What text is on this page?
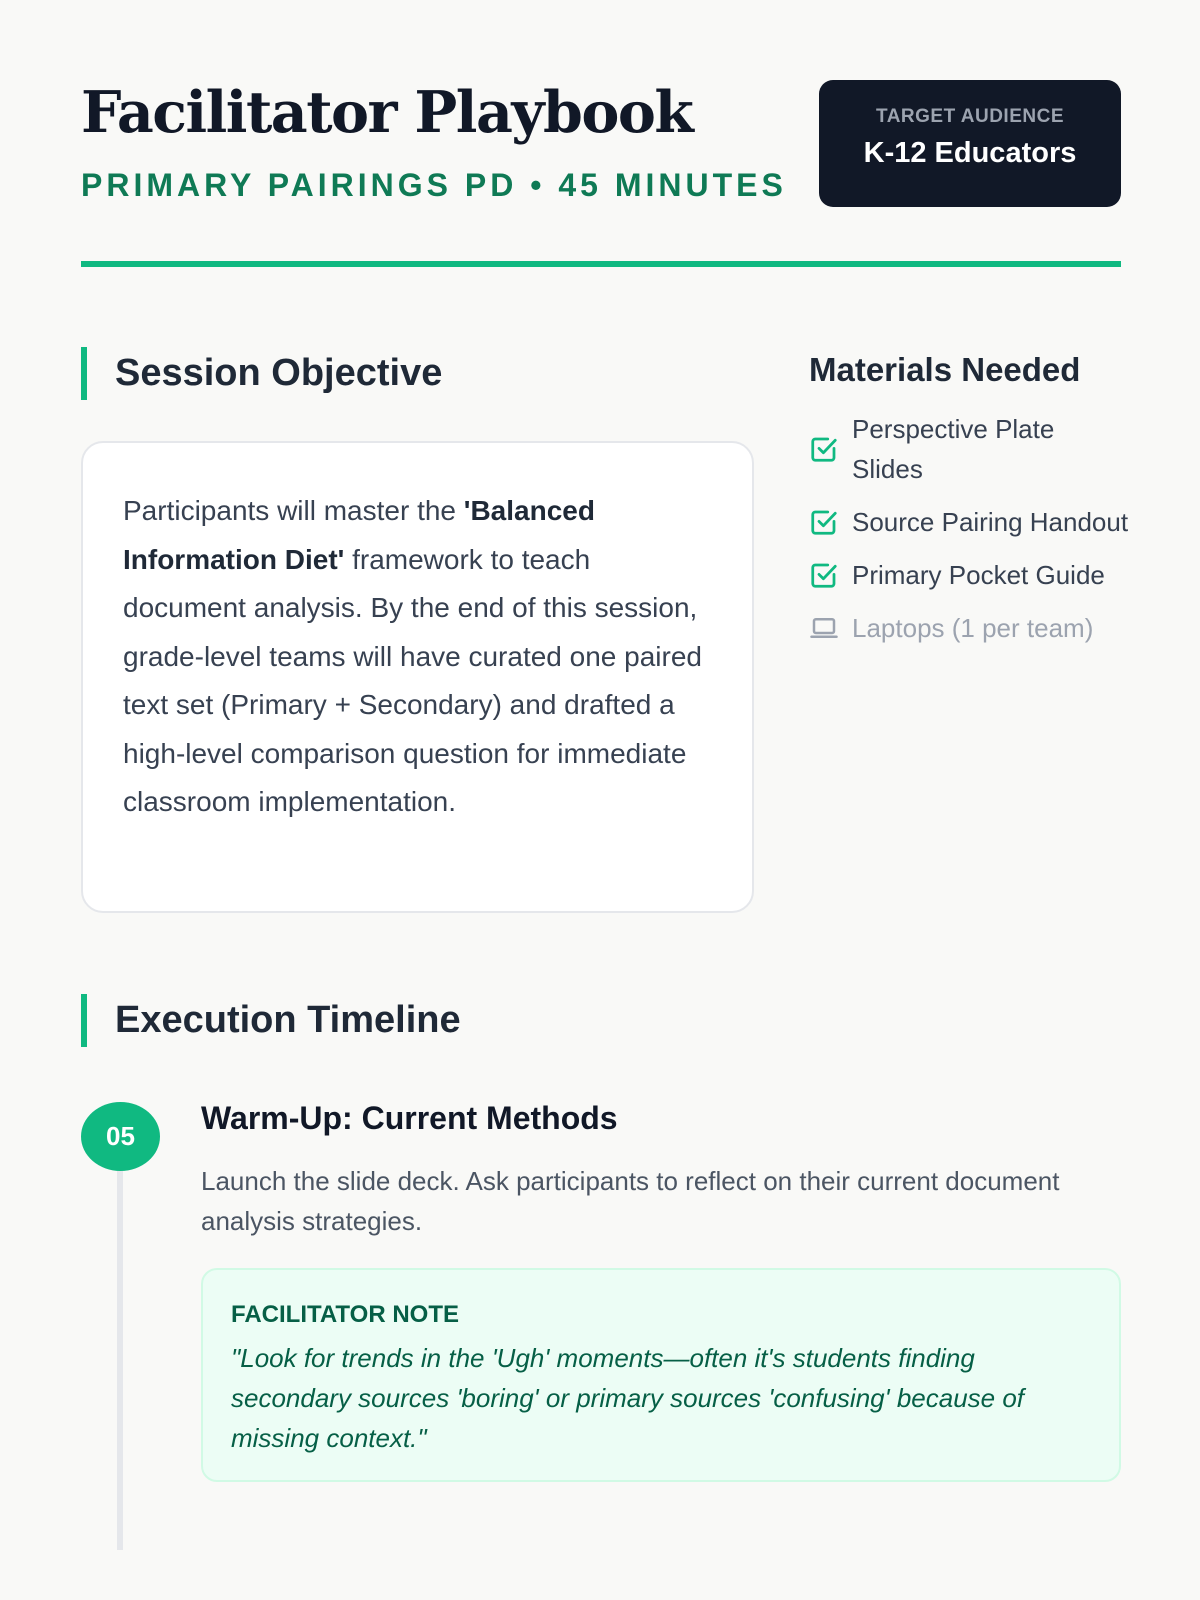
Facilitator Playbook
PRIMARY PAIRINGS PD • 45 MINUTES
TARGET AUDIENCE
K-12 Educators
Session Objective
Participants will master the 'Balanced Information Diet' framework to teach document analysis. By the end of this session, grade-level teams will have curated one paired text set (Primary + Secondary) and drafted a high-level comparison question for immediate classroom implementation.
Materials Needed
Perspective Plate Slides
Source Pairing Handout
Primary Pocket Guide
Laptops (1 per team)
Execution Timeline
05	Warm-Up: Current Methods
Launch the slide deck. Ask participants to reflect on their current document analysis strategies.
FACILITATOR NOTE
"Look for trends in the 'Ugh' moments—often it's students finding secondary sources 'boring' or primary sources 'confusing' because of missing context."
